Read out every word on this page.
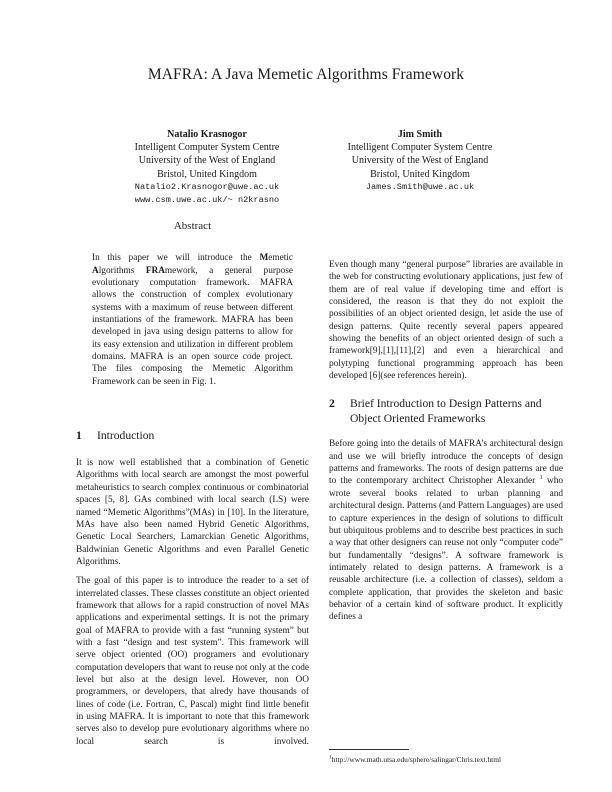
MAFRA: A Java Memetic Algorithms Framework
Natalio Krasnogor
Intelligent Computer System Centre
University of the West of England
Bristol, United Kingdom
Natalio2.Krasnogor@uwe.ac.uk
www.csm.uwe.ac.uk/~ n2krasno
Jim Smith
Intelligent Computer System Centre
University of the West of England
Bristol, United Kingdom
James.Smith@uwe.ac.uk
Abstract

In this paper we will introduce the Memetic Algorithms FRAmework, a general purpose evolutionary computation framework. MAFRA allows the construction of complex evolutionary systems with a maximum of reuse between different instantiations of the framework. MAFRA has been developed in java using design patterns to allow for its easy extension and utilization in different problem domains. MAFRA is an open source code project. The files composing the Memetic Algorithm Framework can be seen in Fig. 1.

1	Introduction

It is now well established that a combination of Genetic Algorithms with local search are amongst the most powerful metaheuristics to search complex continuous or combinatorial spaces [5, 8]. GAs combined with local search (LS) were named “Memetic Algorithms”(MAs) in [10]. In the literature, MAs have also been named Hybrid Genetic Algorithms, Genetic Local Searchers, Lamarckian Genetic Algorithms, Baldwinian Genetic Algorithms and even Parallel Genetic Algorithms.

The goal of this paper is to introduce the reader to a set of interrelated classes. These classes constitute an object oriented framework that allows for a rapid construction of novel MAs applications and experimental settings. It is not the primary goal of MAFRA to provide with a fast “running system” but with a fast “design and test system”. This framework will serve object oriented (OO) programers and evolutionary computation developers that want to reuse not only at the code level but also at the design level. However, non OO programmers, or developers, that alredy have thousands of lines of code (i.e. Fortran, C, Pascal) might find little benefit in using MAFRA. It is important to note that this framework serves also to develop pure evolutionary algorithms where no local search is involved.

Even though many “general purpose” libraries are available in the web for constructing evolutionary applications, just few of them are of real value if developing time and effort is considered, the reason is that they do not exploit the possibilities of an object oriented design, let aside the use of design patterns. Quite recently several papers appeared showing the benefits of an object oriented design of such a framework[9],[1],[11],[2] and even a hierarchical and polytyping functional programming approach has been developed [6](see references herein).

2	Brief Introduction to Design Patterns and Object Oriented Frameworks

Before going into the details of MAFRA’s architectural design and use we will briefly introduce the concepts of design patterns and frameworks. The roots of design patterns are due to the contemporary architect Christopher Alexander $^1$ who wrote several books related to urban planning and architectural design. Patterns (and Pattern Languages) are used to capture experiences in the design of solutions to difficult but ubiquitous problems and to describe best practices in such a way that other designers can reuse not only “computer code” but fundamentally “designs”. A software framework is intimately related to design patterns. A framework is a reusable architecture (i.e. a collection of classes), seldom a complete application, that provides the skeleton and basic behavior of a certain kind of software product. It explicitly defines a

$^1$http://www.math.utsa.edu/sphere/salingar/Chris.text.html
